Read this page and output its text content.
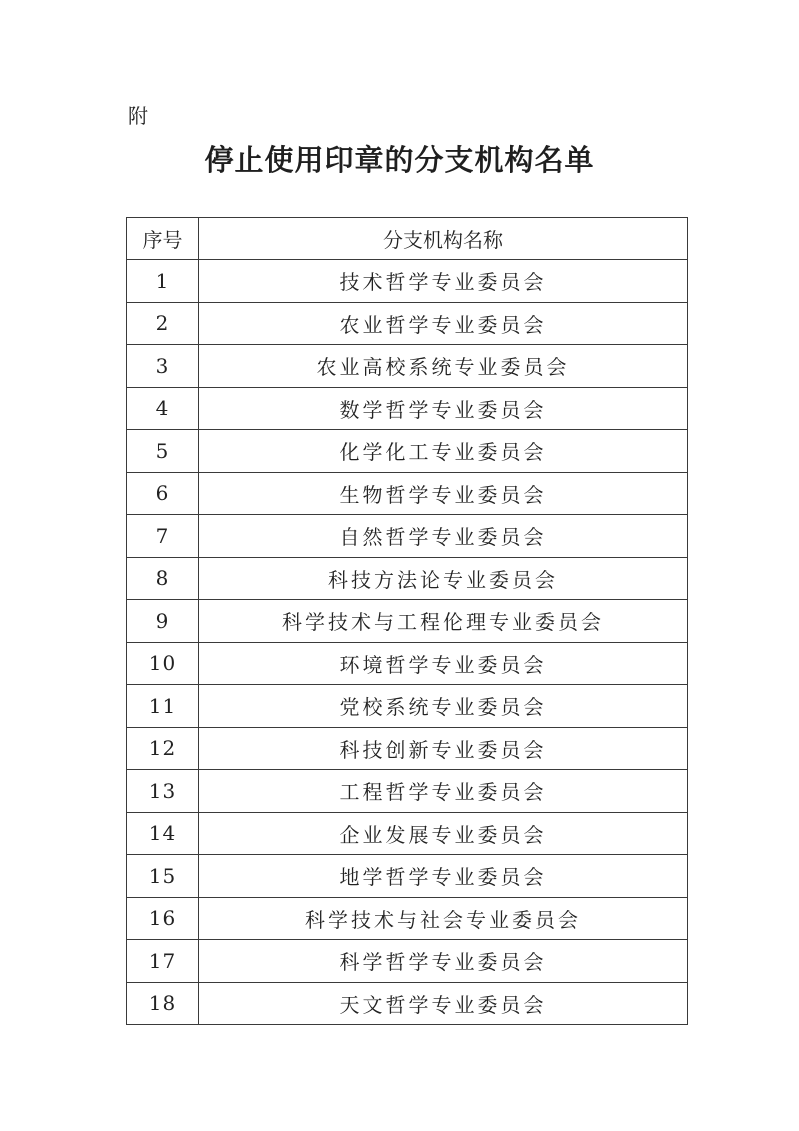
附
停止使用印章的分支机构名单
序号	分支机构名称
1	技术哲学专业委员会
2	农业哲学专业委员会
3	农业高校系统专业委员会
4	数学哲学专业委员会
5	化学化工专业委员会
6	生物哲学专业委员会
7	自然哲学专业委员会
8	科技方法论专业委员会
9	科学技术与工程伦理专业委员会
10	环境哲学专业委员会
11	党校系统专业委员会
12	科技创新专业委员会
13	工程哲学专业委员会
14	企业发展专业委员会
15	地学哲学专业委员会
16	科学技术与社会专业委员会
17	科学哲学专业委员会
18	天文哲学专业委员会
